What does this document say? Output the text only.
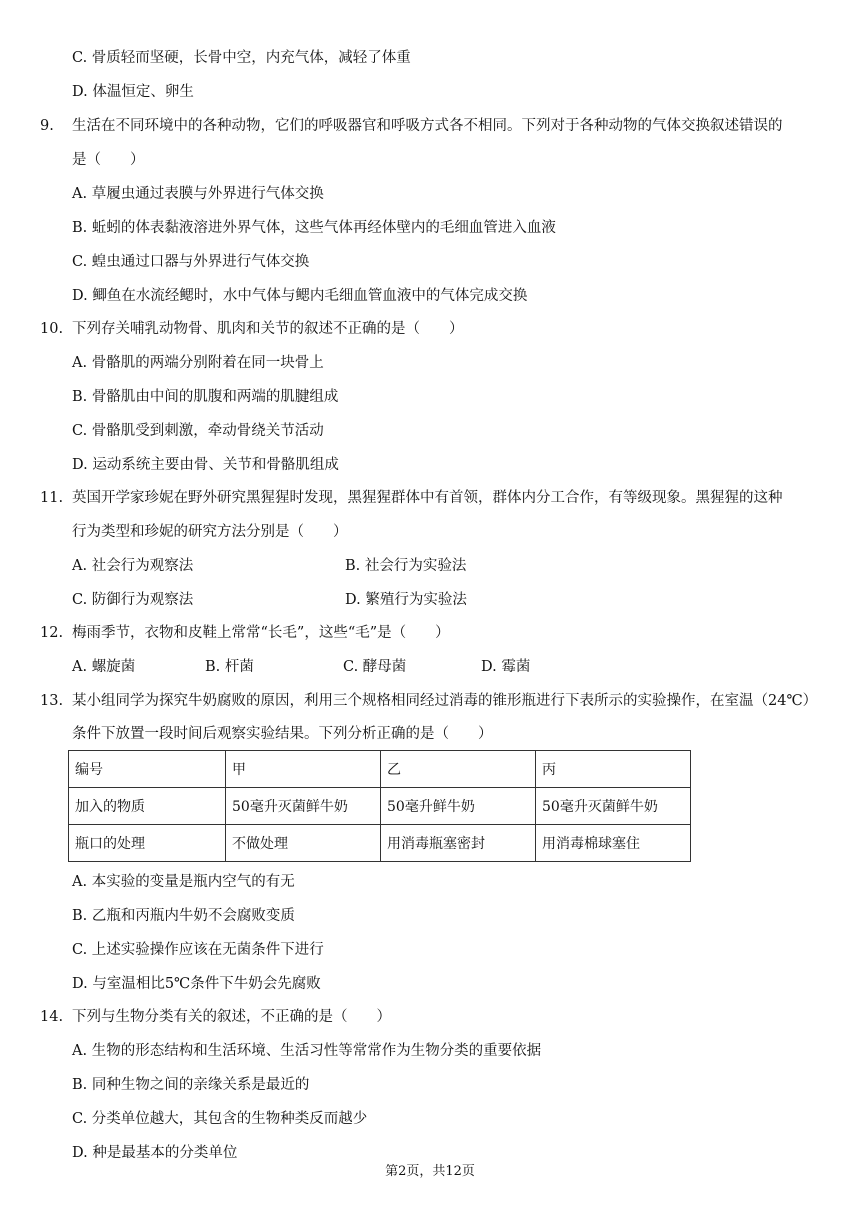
C. 骨质轻而坚硬，长骨中空，内充气体，减轻了体重
D. 体温恒定、卵生
9. 生活在不同环境中的各种动物，它们的呼吸器官和呼吸方式各不相同。下列对于各种动物的气体交换叙述错误的
是（　　）
A. 草履虫通过表膜与外界进行气体交换
B. 蚯蚓的体表黏液溶进外界气体，这些气体再经体壁内的毛细血管进入血液
C. 蝗虫通过口器与外界进行气体交换
D. 鲫鱼在水流经鳃时，水中气体与鳃内毛细血管血液中的气体完成交换
10. 下列存关哺乳动物骨、肌肉和关节的叙述不正确的是（　　）
A. 骨骼肌的两端分别附着在同一块骨上
B. 骨骼肌由中间的肌腹和两端的肌腱组成
C. 骨骼肌受到刺激，牵动骨绕关节活动
D. 运动系统主要由骨、关节和骨骼肌组成
11. 英国开学家珍妮在野外研究黑猩猩时发现，黑猩猩群体中有首领，群体内分工合作，有等级现象。黑猩猩的这种
行为类型和珍妮的研究方法分别是（　　）
A. 社会行为观察法	B. 社会行为实验法
C. 防御行为观察法	D. 繁殖行为实验法
12. 梅雨季节，衣物和皮鞋上常常“长毛”，这些“毛”是（　　）
A. 螺旋菌	B. 杆菌	C. 酵母菌	D. 霉菌
13. 某小组同学为探究牛奶腐败的原因，利用三个规格相同经过消毒的锥形瓶进行下表所示的实验操作，在室温（24℃）
条件下放置一段时间后观察实验结果。下列分析正确的是（　　）
编号	甲	乙	丙
加入的物质	50毫升灭菌鲜牛奶	50毫升鲜牛奶	50毫升灭菌鲜牛奶
瓶口的处理	不做处理	用消毒瓶塞密封	用消毒棉球塞住
A. 本实验的变量是瓶内空气的有无
B. 乙瓶和丙瓶内牛奶不会腐败变质
C. 上述实验操作应该在无菌条件下进行
D. 与室温相比5℃条件下牛奶会先腐败
14. 下列与生物分类有关的叙述，不正确的是（　　）
A. 生物的形态结构和生活环境、生活习性等常常作为生物分类的重要依据
B. 同种生物之间的亲缘关系是最近的
C. 分类单位越大，其包含的生物种类反而越少
D. 种是最基本的分类单位
第2页，共12页
